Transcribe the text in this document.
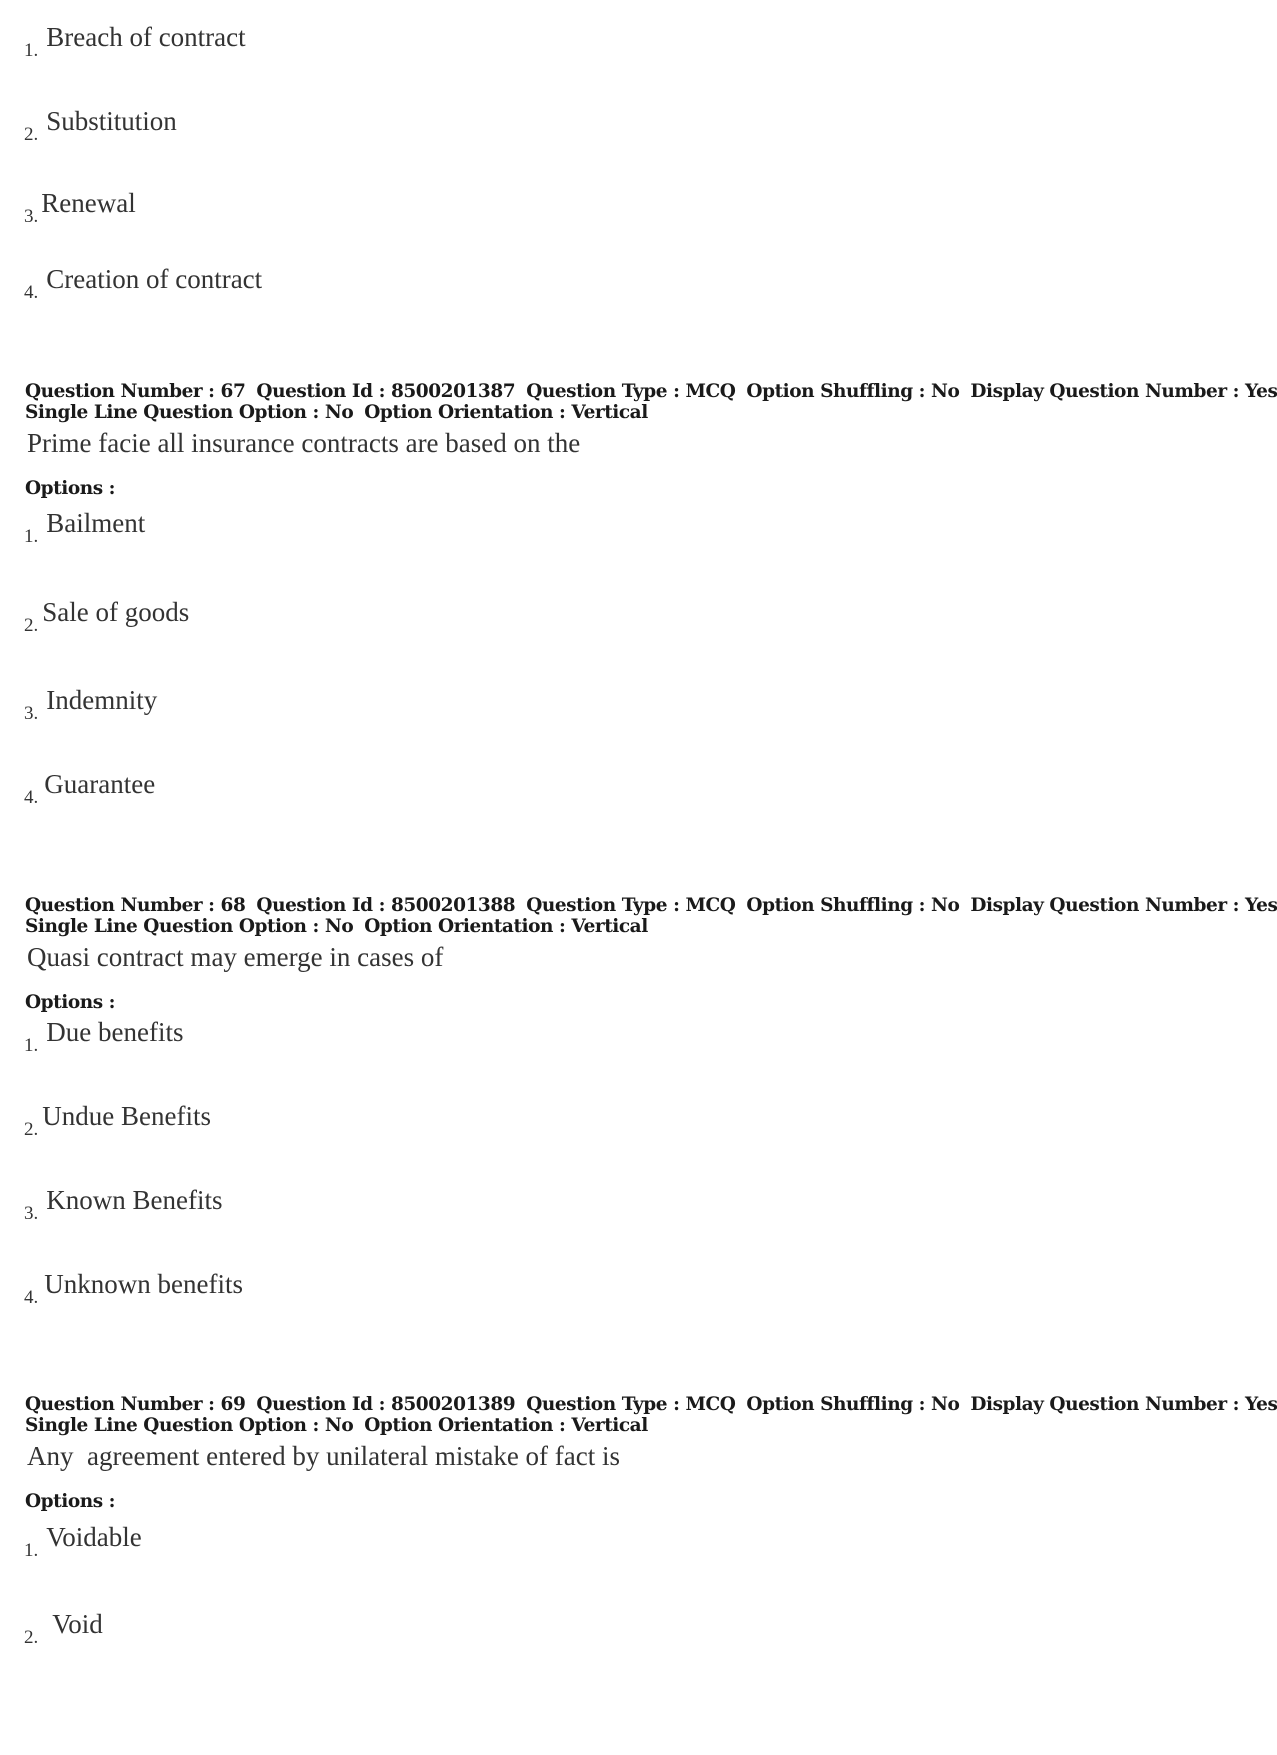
1. Breach of contract
2. Substitution
3. Renewal
4. Creation of contract
Question Number : 67 Question Id : 8500201387 Question Type : MCQ Option Shuffling : No Display Question Number : Yes
Single Line Question Option : No Option Orientation : Vertical
Prime facie all insurance contracts are based on the
Options :
1. Bailment
2. Sale of goods
3. Indemnity
4. Guarantee
Question Number : 68 Question Id : 8500201388 Question Type : MCQ Option Shuffling : No Display Question Number : Yes
Single Line Question Option : No Option Orientation : Vertical
Quasi contract may emerge in cases of
Options :
1. Due benefits
2. Undue Benefits
3. Known Benefits
4. Unknown benefits
Question Number : 69 Question Id : 8500201389 Question Type : MCQ Option Shuffling : No Display Question Number : Yes
Single Line Question Option : No Option Orientation : Vertical
Any  agreement entered by unilateral mistake of fact is
Options :
1. Voidable
2. Void
